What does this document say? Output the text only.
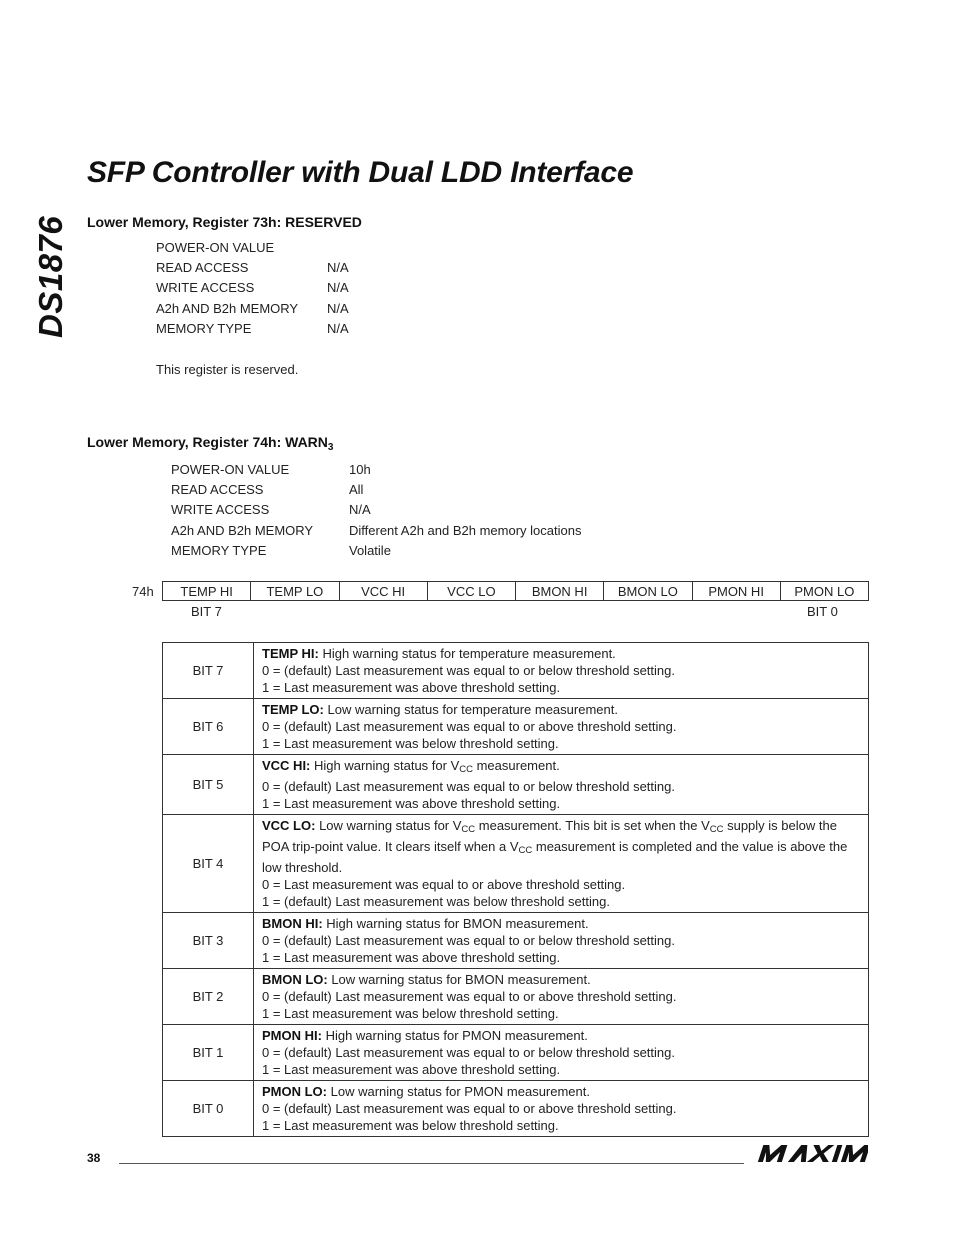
DS1876
SFP Controller with Dual LDD Interface
Lower Memory, Register 73h: RESERVED
POWER-ON VALUE
READ ACCESS	N/A
WRITE ACCESS	N/A
A2h AND B2h MEMORY N/A
MEMORY TYPE	N/A
This register is reserved.
Lower Memory, Register 74h: $WARN_3$
POWER-ON VALUE	10h
READ ACCESS	All
WRITE ACCESS	N/A
A2h AND B2h MEMORY	Different A2h and B2h memory locations
MEMORY TYPE	Volatile
74h	TEMP HI	TEMP LO	VCC HI	VCC LO	BMON HI	BMON LO	PMON HI	PMON LO
BIT 7	BIT 0
BIT 7	TEMP HI: High warning status for temperature measurement.
0 = (default) Last measurement was equal to or below threshold setting.
1 = Last measurement was above threshold setting.
BIT 6	TEMP LO: Low warning status for temperature measurement.
0 = (default) Last measurement was equal to or above threshold setting.
1 = Last measurement was below threshold setting.
BIT 5	VCC HI: High warning status for $V_{CC}$ measurement.
0 = (default) Last measurement was equal to or below threshold setting.
1 = Last measurement was above threshold setting.
BIT 4	VCC LO: Low warning status for $V_{CC}$ measurement. This bit is set when the $V_{CC}$ supply is below the POA trip-point value. It clears itself when a $V_{CC}$ measurement is completed and the value is above the low threshold.
0 = Last measurement was equal to or above threshold setting.
1 = (default) Last measurement was below threshold setting.
BIT 3	BMON HI: High warning status for BMON measurement.
0 = (default) Last measurement was equal to or below threshold setting.
1 = Last measurement was above threshold setting.
BIT 2	BMON LO: Low warning status for BMON measurement.
0 = (default) Last measurement was equal to or above threshold setting.
1 = Last measurement was below threshold setting.
BIT 1	PMON HI: High warning status for PMON measurement.
0 = (default) Last measurement was equal to or below threshold setting.
1 = Last measurement was above threshold setting.
BIT 0	PMON LO: Low warning status for PMON measurement.
0 = (default) Last measurement was equal to or above threshold setting.
1 = Last measurement was below threshold setting.
38
